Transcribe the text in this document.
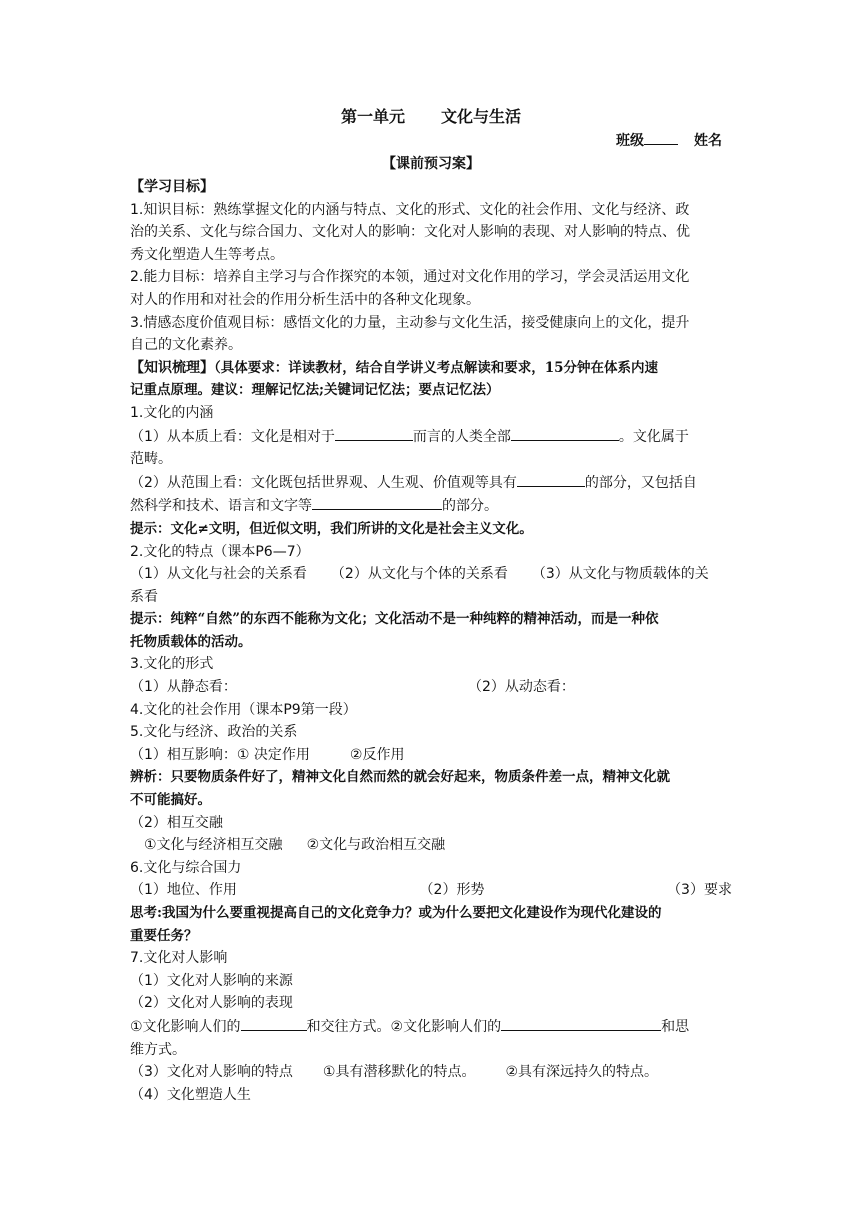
第一单元 文化与生活
班级	姓名
【课前预习案】
【学习目标】
1.知识目标：熟练掌握文化的内涵与特点、文化的形式、文化的社会作用、文化与经济、政
治的关系、文化与综合国力、文化对人的影响：文化对人影响的表现、对人影响的特点、优
秀文化塑造人生等考点。
2.能力目标：培养自主学习与合作探究的本领，通过对文化作用的学习，学会灵活运用文化
对人的作用和对社会的作用分析生活中的各种文化现象。
3.情感态度价值观目标：感悟文化的力量，主动参与文化生活，接受健康向上的文化，提升
自己的文化素养。
【知识梳理】（具体要求：详读教材，结合自学讲义考点解读和要求，15分钟在体系内速
记重点原理。建议：理解记忆法;关键词记忆法；要点记忆法）
1.文化的内涵
（1）从本质上看：文化是相对于	而言的人类全部	。文化属于
范畴。
（2）从范围上看：文化既包括世界观、人生观、价值观等具有	的部分，又包括自
然科学和技术、语言和文字等	的部分。
提示：文化≠文明，但近似文明，我们所讲的文化是社会主义文化。
2.文化的特点（课本P6—7）
（1）从文化与社会的关系看 （2）从文化与个体的关系看 （3）从文化与物质载体的关
系看
提示：纯粹“自然”的东西不能称为文化；文化活动不是一种纯粹的精神活动，而是一种依
托物质载体的活动。
3.文化的形式
（1）从静态看：	（2）从动态看：
4.文化的社会作用（课本P9第一段）
5.文化与经济、政治的关系
（1）相互影响：① 决定作用	②反作用
辨析：只要物质条件好了，精神文化自然而然的就会好起来，物质条件差一点，精神文化就
不可能搞好。
（2）相互交融
①文化与经济相互交融 ②文化与政治相互交融
6.文化与综合国力
（1）地位、作用	（2）形势	（3）要求
思考:我国为什么要重视提高自己的文化竞争力？或为什么要把文化建设作为现代化建设的
重要任务？
7.文化对人影响
（1）文化对人影响的来源
（2）文化对人影响的表现
①文化影响人们的	和交往方式。②文化影响人们的	和思
维方式。
（3）文化对人影响的特点 ①具有潜移默化的特点。 ②具有深远持久的特点。
（4）文化塑造人生
